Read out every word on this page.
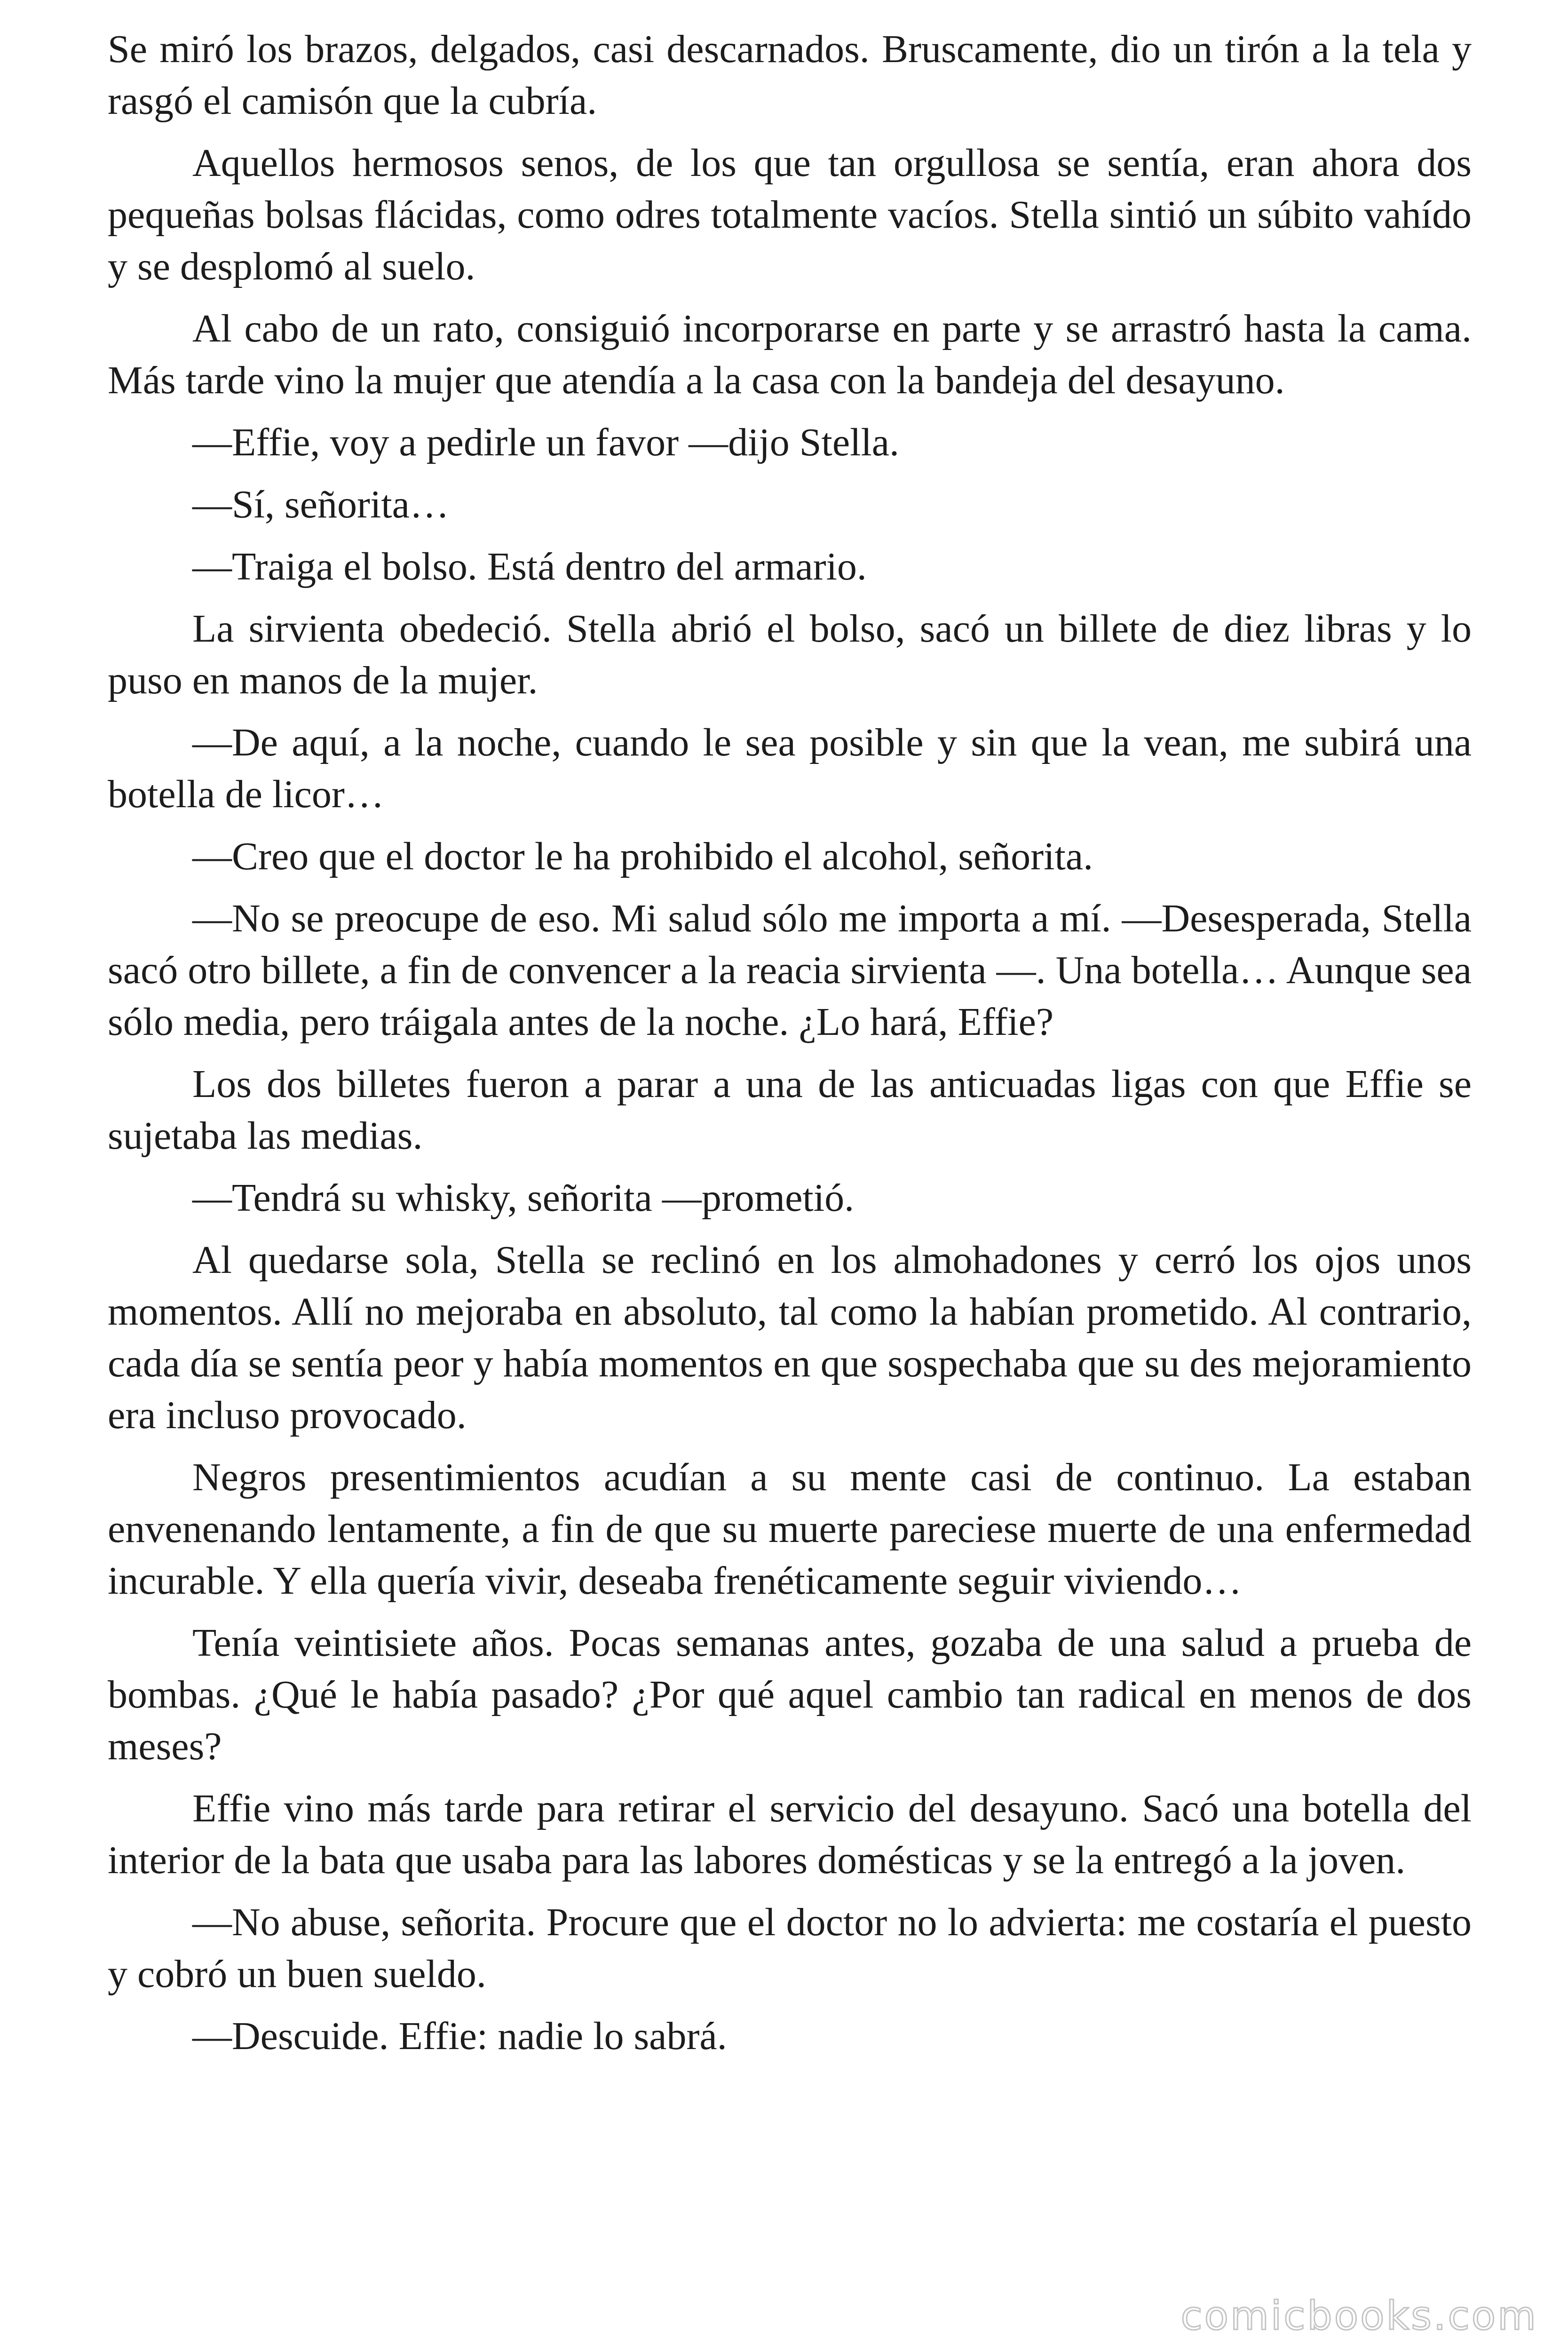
Se miró los brazos, delgados, casi descarnados. Bruscamente, dio un tirón a la tela y rasgó el camisón que la cubría.

Aquellos hermosos senos, de los que tan orgullosa se sentía, eran ahora dos pequeñas bolsas flácidas, como odres totalmente vacíos. Stella sintió un súbito vahído y se desplomó al suelo.

Al cabo de un rato, consiguió incorporarse en parte y se arrastró hasta la cama. Más tarde vino la mujer que atendía a la casa con la bandeja del desayuno.

—Effie, voy a pedirle un favor —dijo Stella.

—Sí, señorita…

—Traiga el bolso. Está dentro del armario.

La sirvienta obedeció. Stella abrió el bolso, sacó un billete de diez libras y lo puso en manos de la mujer.

—De aquí, a la noche, cuando le sea posible y sin que la vean, me subirá una botella de licor…

—Creo que el doctor le ha prohibido el alcohol, señorita.

—No se preocupe de eso. Mi salud sólo me importa a mí. —Desesperada, Stella sacó otro billete, a fin de convencer a la reacia sirvienta —. Una botella… Aunque sea sólo media, pero tráigala antes de la noche. ¿Lo hará, Effie?

Los dos billetes fueron a parar a una de las anticuadas ligas con que Effie se sujetaba las medias.

—Tendrá su whisky, señorita —prometió.

Al quedarse sola, Stella se reclinó en los almohadones y cerró los ojos unos momentos. Allí no mejoraba en absoluto, tal como la habían prometido. Al contrario, cada día se sentía peor y había momentos en que sospechaba que su des mejoramiento era incluso provocado.

Negros presentimientos acudían a su mente casi de continuo. La estaban envenenando lentamente, a fin de que su muerte pareciese muerte de una enfermedad incurable. Y ella quería vivir, deseaba frenéticamente seguir viviendo…

Tenía veintisiete años. Pocas semanas antes, gozaba de una salud a prueba de bombas. ¿Qué le había pasado? ¿Por qué aquel cambio tan radical en menos de dos meses?

Effie vino más tarde para retirar el servicio del desayuno. Sacó una botella del interior de la bata que usaba para las labores domésticas y se la entregó a la joven.

—No abuse, señorita. Procure que el doctor no lo advierta: me costaría el puesto y cobró un buen sueldo.

—Descuide. Effie: nadie lo sabrá.

comicbooks.com
